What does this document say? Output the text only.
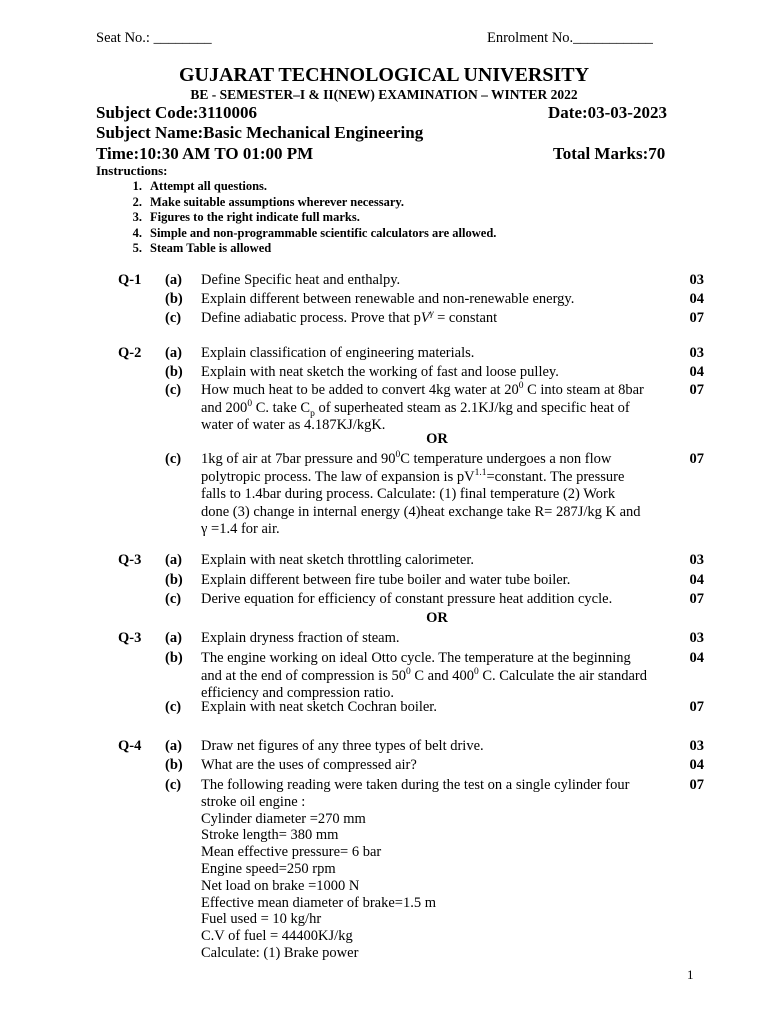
Seat No.: ________	Enrolment No.___________
GUJARAT TECHNOLOGICAL UNIVERSITY
BE - SEMESTER–I & II(NEW) EXAMINATION – WINTER 2022
Subject Code:3110006	Date:03-03-2023
Subject Name:Basic Mechanical Engineering
Time:10:30 AM TO 01:00 PM	Total Marks:70
Instructions:
1. Attempt all questions.
2. Make suitable assumptions wherever necessary.
3. Figures to the right indicate full marks.
4. Simple and non-programmable scientific calculators are allowed.
5. Steam Table is allowed
Q-1 (a) Define Specific heat and enthalpy.	03
(b) Explain different between renewable and non-renewable energy.	04
(c) Define adiabatic process. Prove that $pV^\gamma$ = constant	07
Q-2 (a) Explain classification of engineering materials.	03
(b) Explain with neat sketch the working of fast and loose pulley.	04
(c) How much heat to be added to convert 4kg water at $20^0$ C into steam at 8bar
and $200^0$ C. take $C_p$ of superheated steam as 2.1KJ/kg and specific heat of
water of water as 4.187KJ/kgK.
07
OR
(c) 1kg of air at 7bar pressure and $90^0C$ temperature undergoes a non flow
polytropic process. The law of expansion is $pV^{1.1}=constant$. The pressure
falls to 1.4bar during process. Calculate: (1) final temperature (2) Work
done (3) change in internal energy (4)heat exchange take R= 287J/kg K and
γ =1.4 for air.
07
Q-3 (a) Explain with neat sketch throttling calorimeter.	03
(b) Explain different between fire tube boiler and water tube boiler.	04
(c) Derive equation for efficiency of constant pressure heat addition cycle.	07
OR
Q-3 (a) Explain dryness fraction of steam.	03
(b) The engine working on ideal Otto cycle. The temperature at the beginning
and at the end of compression is $50^0$ C and $400^0$ C. Calculate the air standard
efficiency and compression ratio.
04
(c) Explain with neat sketch Cochran boiler.	07
Q-4 (a) Draw net figures of any three types of belt drive.	03
(b) What are the uses of compressed air?	04
(c) The following reading were taken during the test on a single cylinder four
stroke oil engine :
Cylinder diameter =270 mm
Stroke length= 380 mm
Mean effective pressure= 6 bar
Engine speed=250 rpm
Net load on brake =1000 N
Effective mean diameter of brake=1.5 m
Fuel used = 10 kg/hr
C.V of fuel = 44400KJ/kg
Calculate: (1) Brake power
07
1
